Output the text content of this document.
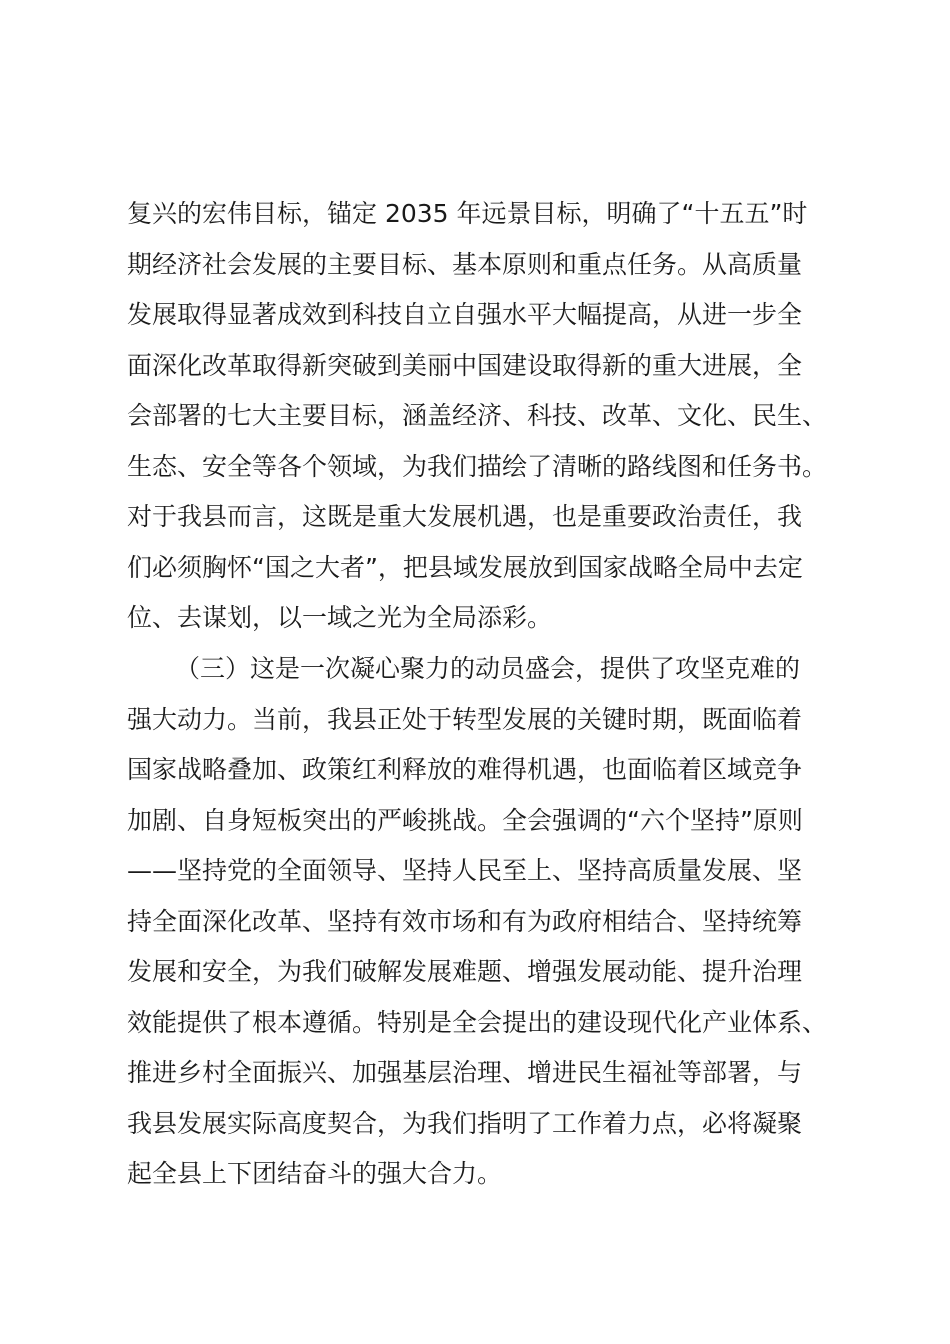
复兴的宏伟目标，锚定 2035 年远景目标，明确了“十五五”时
期经济社会发展的主要目标、基本原则和重点任务。从高质量
发展取得显著成效到科技自立自强水平大幅提高，从进一步全
面深化改革取得新突破到美丽中国建设取得新的重大进展，全
会部署的七大主要目标，涵盖经济、科技、改革、文化、民生、
生态、安全等各个领域，为我们描绘了清晰的路线图和任务书。
对于我县而言，这既是重大发展机遇，也是重要政治责任，我
们必须胸怀“国之大者”，把县域发展放到国家战略全局中去定
位、去谋划，以一域之光为全局添彩。
（三）这是一次凝心聚力的动员盛会，提供了攻坚克难的
强大动力。当前，我县正处于转型发展的关键时期，既面临着
国家战略叠加、政策红利释放的难得机遇，也面临着区域竞争
加剧、自身短板突出的严峻挑战。全会强调的“六个坚持”原则
——坚持党的全面领导、坚持人民至上、坚持高质量发展、坚
持全面深化改革、坚持有效市场和有为政府相结合、坚持统筹
发展和安全，为我们破解发展难题、增强发展动能、提升治理
效能提供了根本遵循。特别是全会提出的建设现代化产业体系、
推进乡村全面振兴、加强基层治理、增进民生福祉等部署，与
我县发展实际高度契合，为我们指明了工作着力点，必将凝聚
起全县上下团结奋斗的强大合力。
